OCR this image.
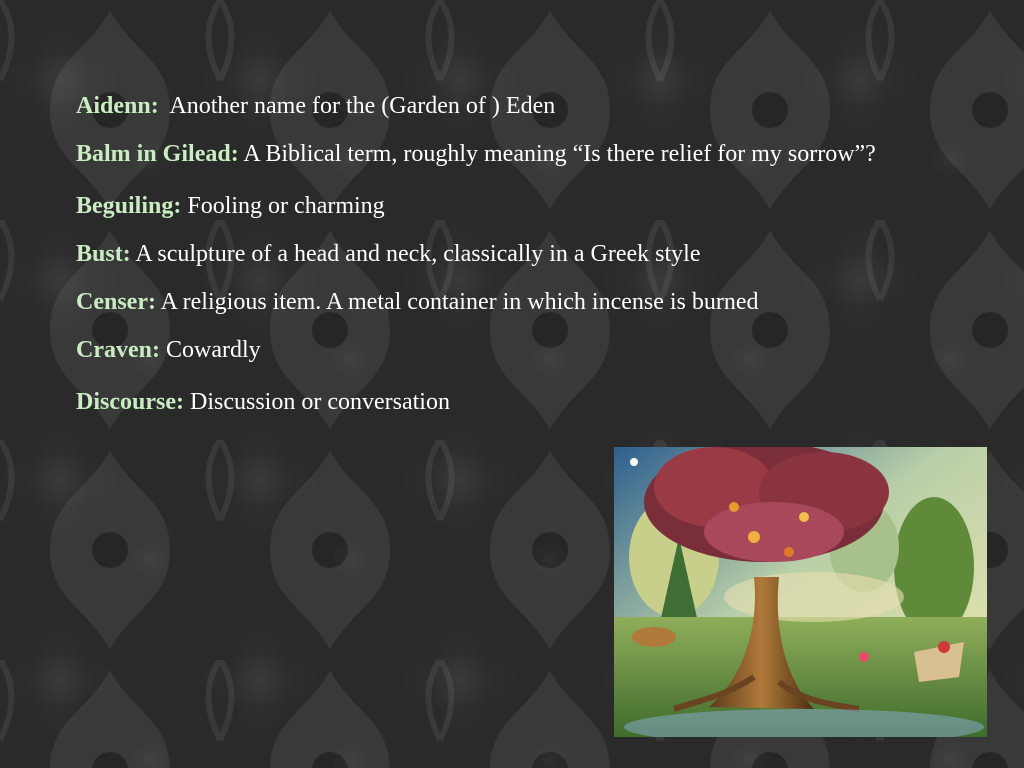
Aidenn: Another name for the (Garden of ) Eden

Balm in Gilead: A Biblical term, roughly meaning “Is there relief for my sorrow”?

Beguiling: Fooling or charming

Bust: A sculpture of a head and neck, classically in a Greek style

Censer: A religious item. A metal container in which incense is burned

Craven: Cowardly

Discourse: Discussion or conversation
